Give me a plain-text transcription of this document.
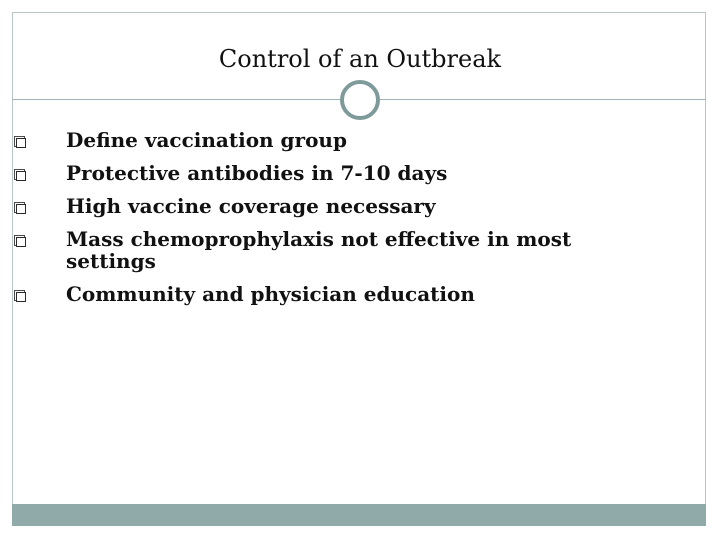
Control of an Outbreak
Define vaccination group
Protective antibodies in 7-10 days
High vaccine coverage necessary
Mass chemoprophylaxis not effective in most settings
Community and physician education
